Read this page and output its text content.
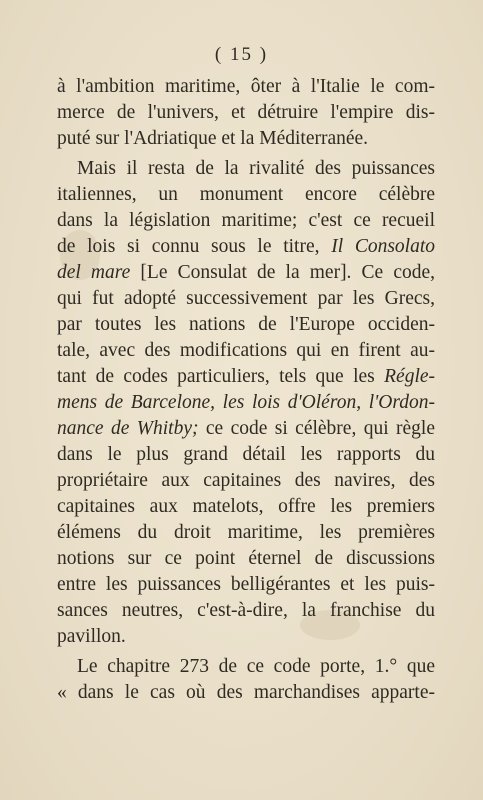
( 15 )
à l'ambition maritime, ôter à l'Italie le com-
merce de l'univers, et détruire l'empire dis-
puté sur l'Adriatique et la Méditerranée.
Mais il resta de la rivalité des puissances
italiennes, un monument encore célèbre
dans la législation maritime; c'est ce recueil
de lois si connu sous le titre, Il Consolato
del mare [Le Consulat de la mer]. Ce code,
qui fut adopté successivement par les Grecs,
par toutes les nations de l'Europe occiden-
tale, avec des modifications qui en firent au-
tant de codes particuliers, tels que les Régle-
mens de Barcelone, les lois d'Oléron, l'Ordon-
nance de Whitby; ce code si célèbre, qui règle
dans le plus grand détail les rapports du
propriétaire aux capitaines des navires, des
capitaines aux matelots, offre les premiers
élémens du droit maritime, les premières
notions sur ce point éternel de discussions
entre les puissances belligérantes et les puis-
sances neutres, c'est-à-dire, la franchise du
pavillon.
Le chapitre 273 de ce code porte, 1.° que
« dans le cas où des marchandises apparte-
